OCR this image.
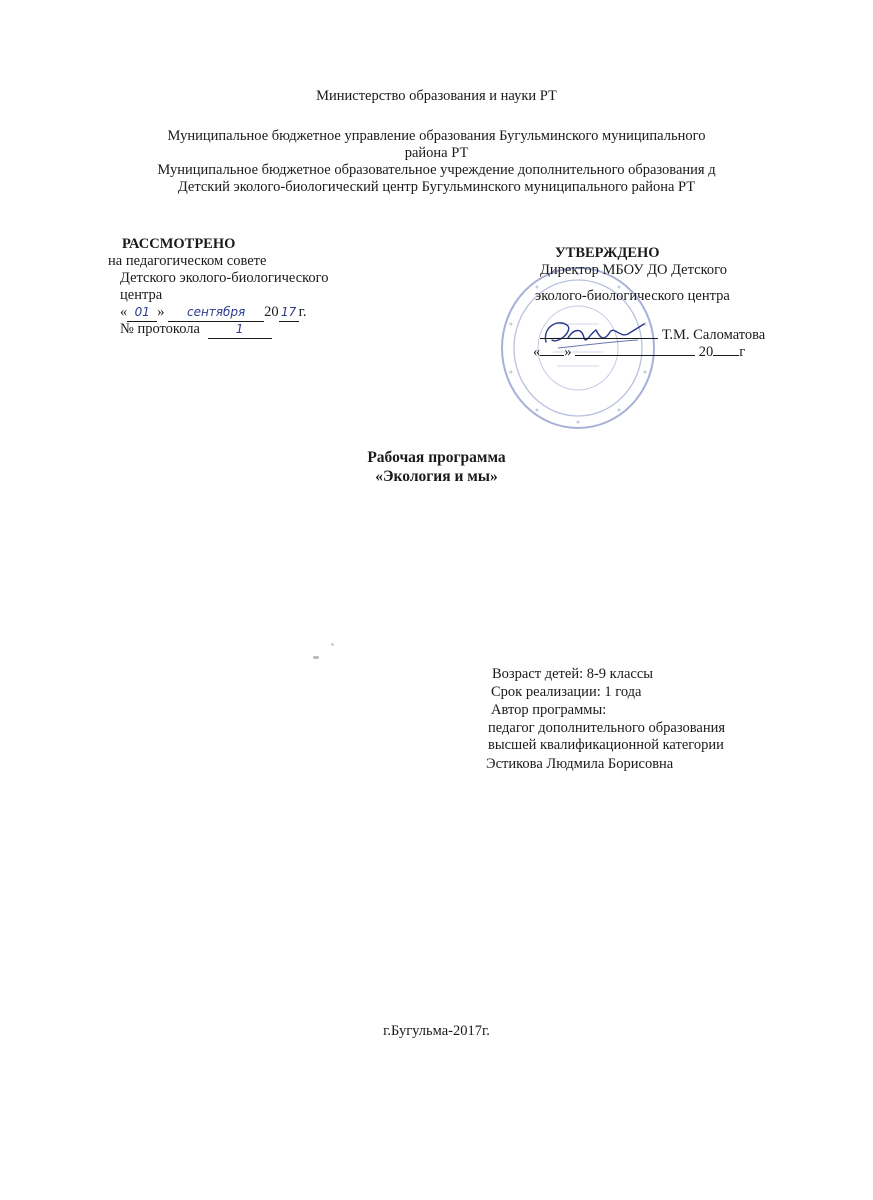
Министерство образования и науки РТ
Муниципальное бюджетное управление образования Бугульминского муниципального
района РТ
Муниципальное бюджетное образовательное учреждение дополнительного образования д
Детский эколого-биологический центр Бугульминского муниципального района РТ
РАССМОТРЕНО
на педагогическом совете
Детского эколого-биологического
центра
« 01 » сентября 20 17 г.
№ протокола	1
УТВЕРЖДЕНО
Директор МБОУ ДО Детского
эколого-биологического центра
Т.М. Саломатова
« »	20 г
Рабочая программа
«Экология и мы»
Возраст детей: 8-9 классы
Срок реализации: 1 года
Автор программы:
педагог дополнительного образования
высшей квалификационной категории
Эстикова Людмила Борисовна
г.Бугульма-2017г.
